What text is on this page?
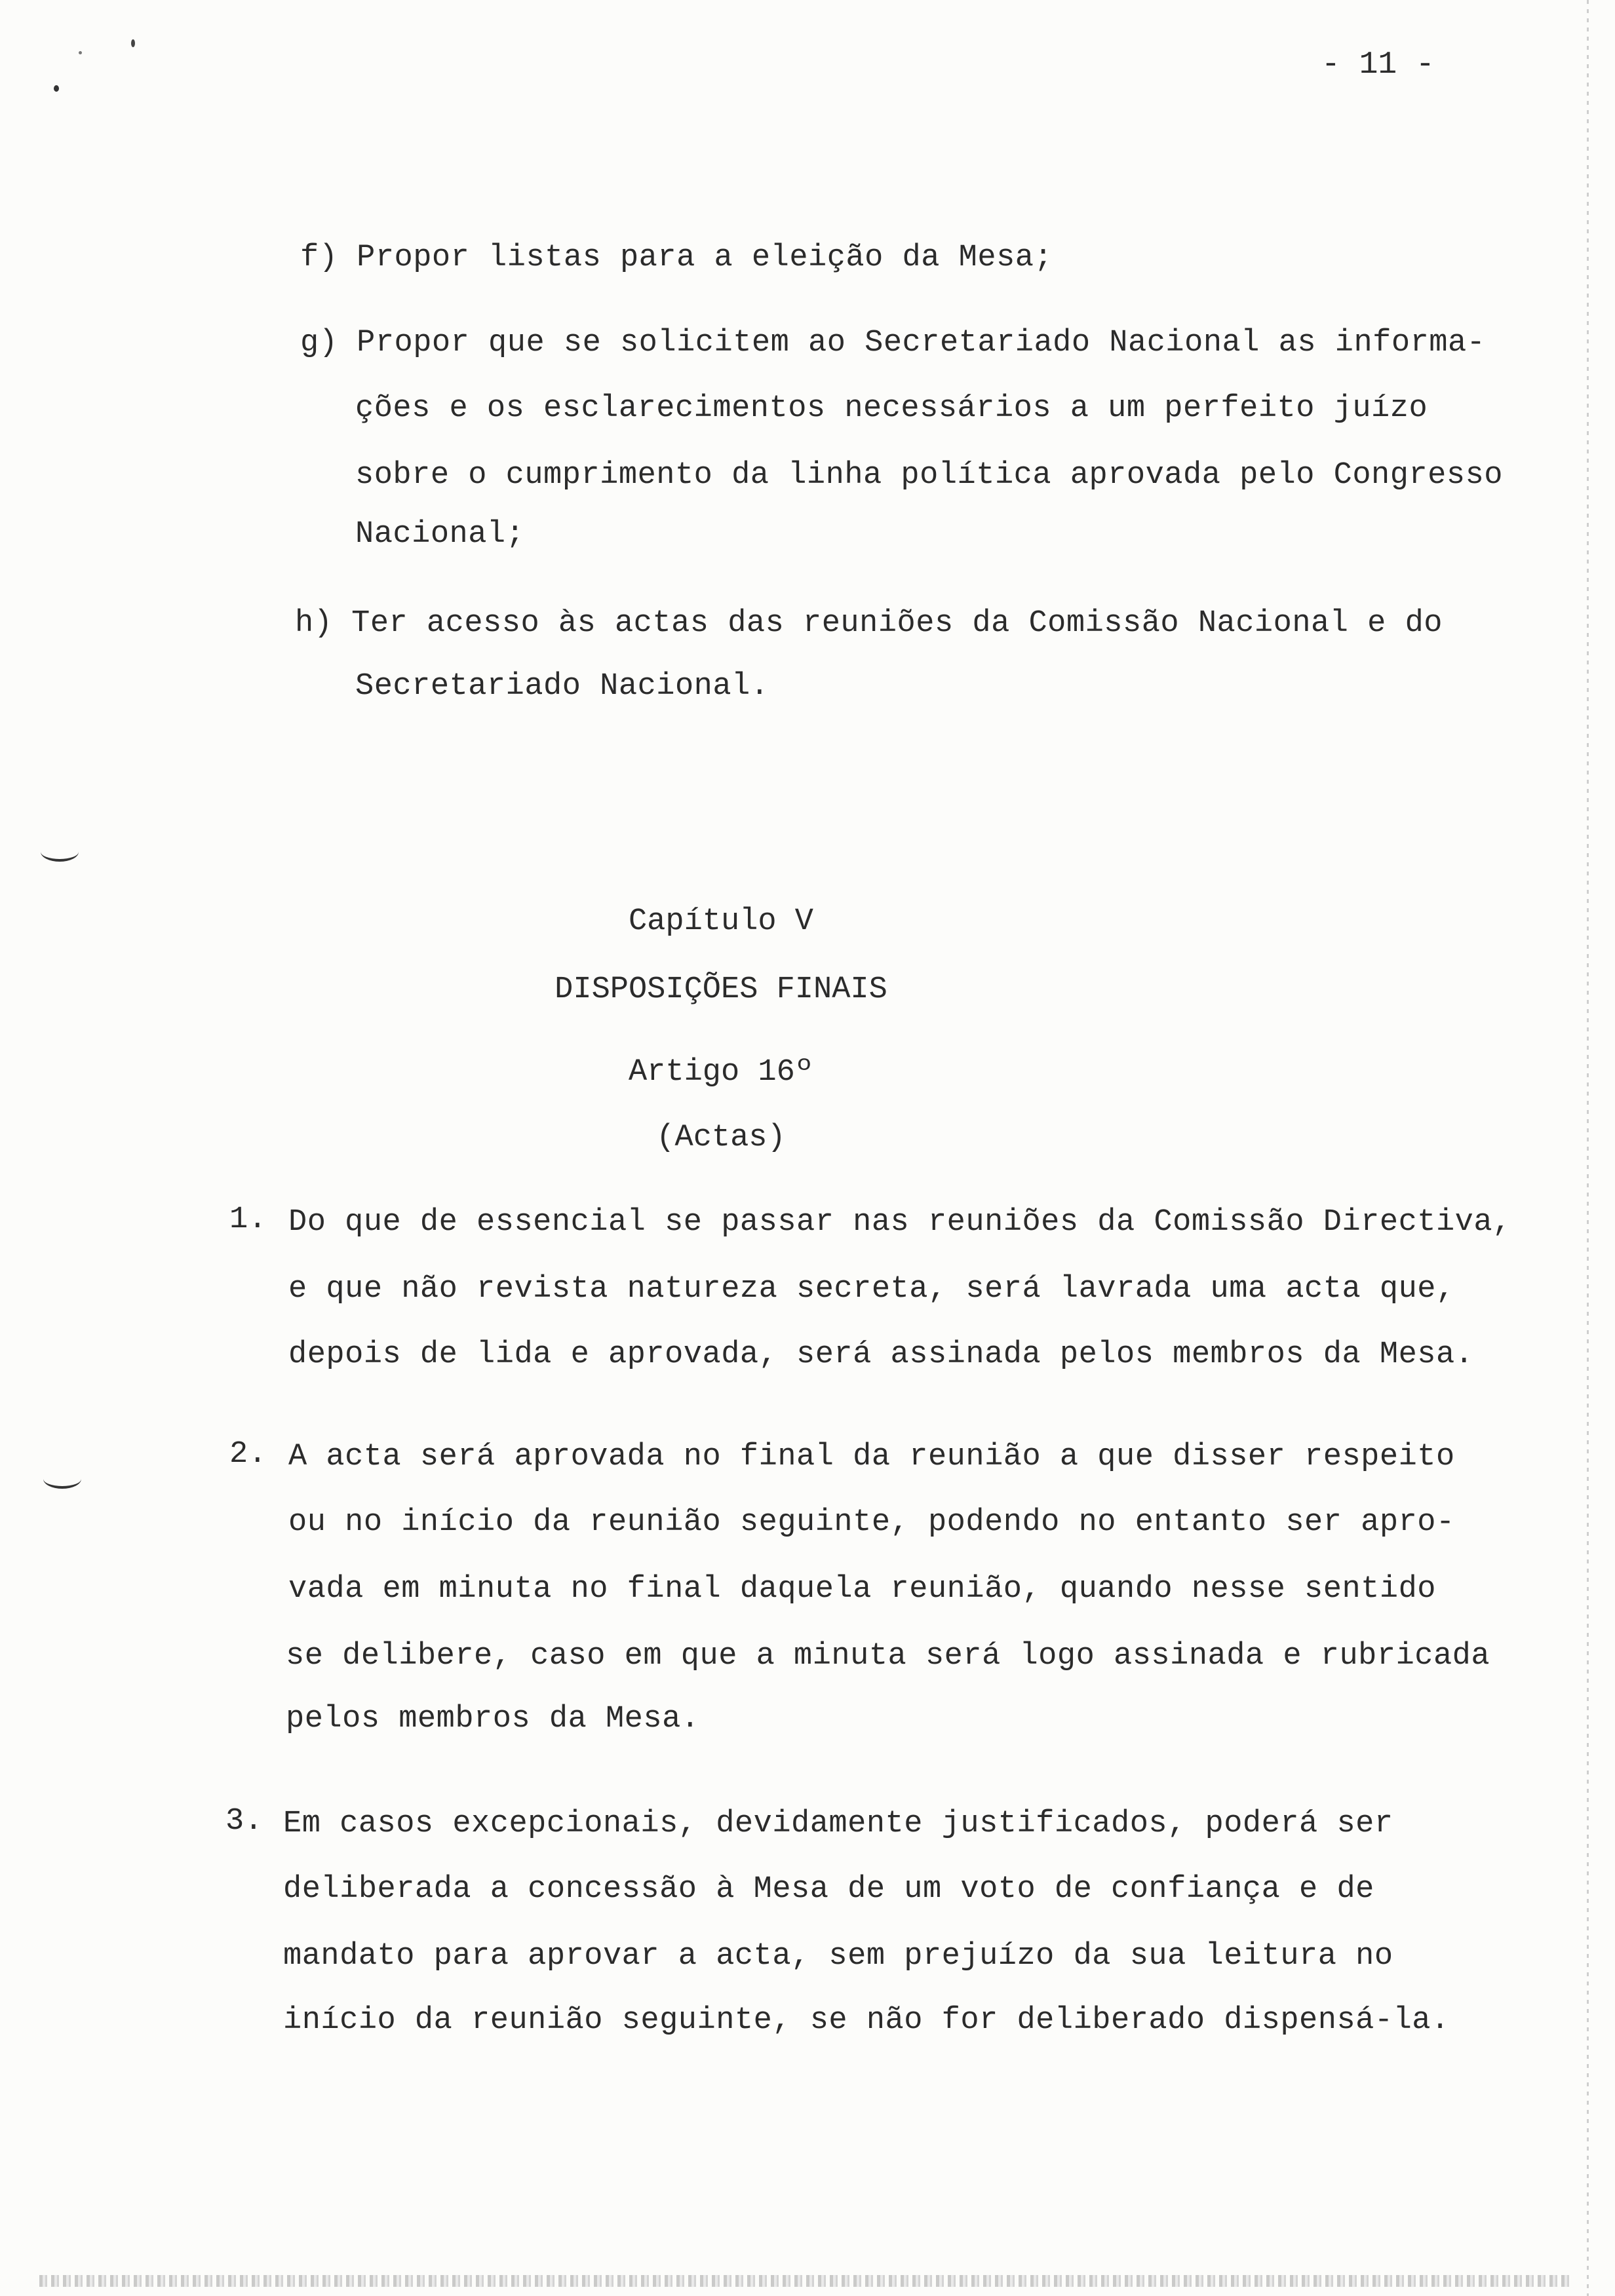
- 11 -
f) Propor listas para a eleição da Mesa;
g) Propor que se solicitem ao Secretariado Nacional as informa-
ções e os esclarecimentos necessários a um perfeito juízo
sobre o cumprimento da linha política aprovada pelo Congresso
Nacional;
h) Ter acesso às actas das reuniões da Comissão Nacional e do
Secretariado Nacional.
Capítulo V
DISPOSIÇÕES FINAIS
Artigo 16º
(Actas)
1. Do que de essencial se passar nas reuniões da Comissão Directiva,
e que não revista natureza secreta, será lavrada uma acta que,
depois de lida e aprovada, será assinada pelos membros da Mesa.
2. A acta será aprovada no final da reunião a que disser respeito
ou no início da reunião seguinte, podendo no entanto ser apro-
vada em minuta no final daquela reunião, quando nesse sentido
se delibere, caso em que a minuta será logo assinada e rubricada
pelos membros da Mesa.
3. Em casos excepcionais, devidamente justificados, poderá ser
deliberada a concessão à Mesa de um voto de confiança e de
mandato para aprovar a acta, sem prejuízo da sua leitura no
início da reunião seguinte, se não for deliberado dispensá-la.
